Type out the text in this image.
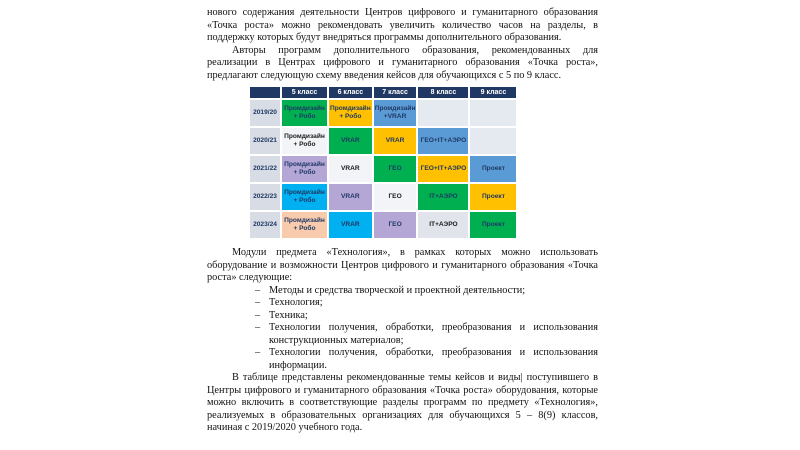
нового содержания деятельности Центров цифрового и гуманитарного образования «Точка роста» можно рекомендовать увеличить количество часов на разделы, в поддержку которых будут внедряться программы дополнительного образования.

Авторы программ дополнительного образования, рекомендованных для реализации в Центрах цифрового и гуманитарного образования «Точка роста», предлагают следующую схему введения кейсов для обучающихся с 5 по 9 класс.

	5 класс	6 класс	7 класс	8 класс	9 класс
2019/20	Промдизайн + Робо	Промдизайн + Робо	Промдизайн +VRAR		
2020/21	Промдизайн + Робо	VRAR	VRAR	ГЕО+IT+АЭРО	
2021/22	Промдизайн + Робо	VRAR	ГЕО	ГЕО+IT+АЭРО	Проект
2022/23	Промдизайн + Робо	VRAR	ГЕО	IT+АЭРО	Проект
2023/24	Промдизайн + Робо	VRAR	ГЕО	IT+АЭРО	Проект

Модули предмета «Технология», в рамках которых можно использовать оборудование и возможности Центров цифрового и гуманитарного образования «Точка роста» следующие:

– Методы и средства творческой и проектной деятельности;
– Технология;
– Техника;
– Технологии получения, обработки, преобразования и использования конструкционных материалов;
– Технологии получения, обработки, преобразования и использования информации.

В таблице представлены рекомендованные темы кейсов и виды| поступившего в Центры цифрового и гуманитарного образования «Точка роста» оборудования, которые можно включить в соответствующие разделы программ по предмету «Технология», реализуемых в образовательных организациях для обучающихся 5 – 8(9) классов, начиная с 2019/2020 учебного года.
